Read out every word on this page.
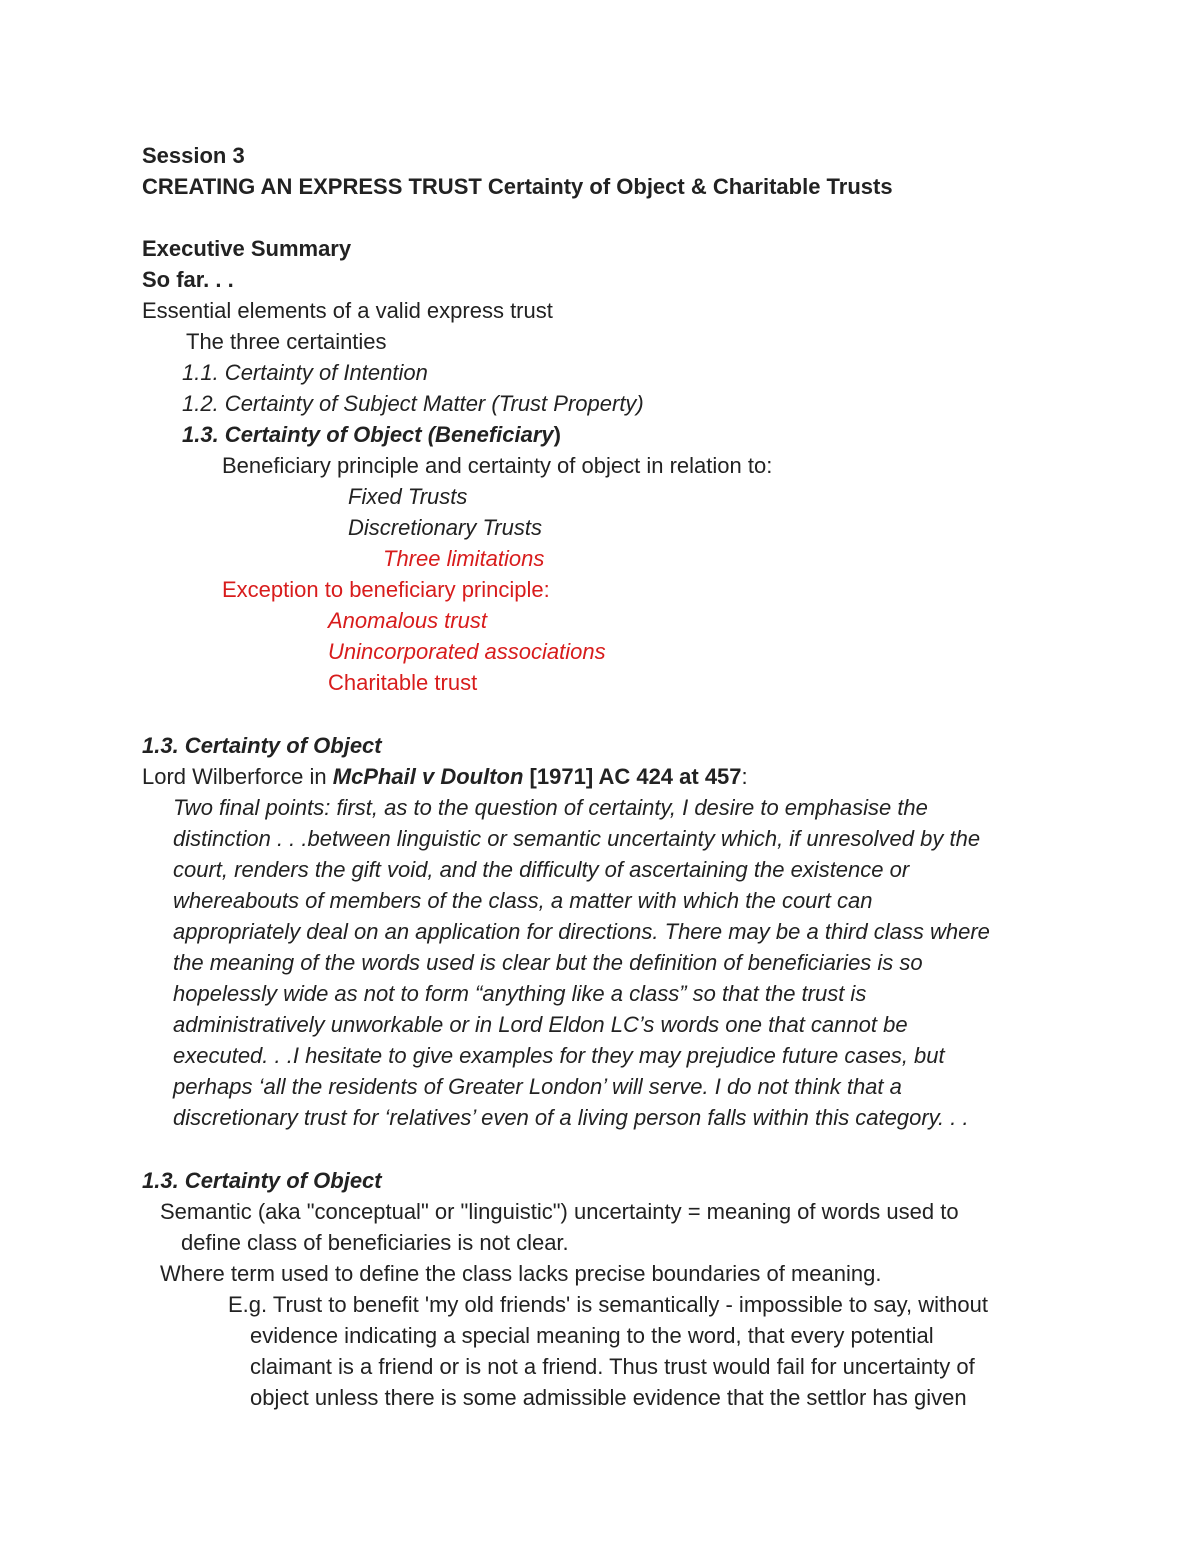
Session 3
CREATING AN EXPRESS TRUST Certainty of Object & Charitable Trusts
Executive Summary
So far. . .
Essential elements of a valid express trust
The three certainties
1.1. Certainty of Intention
1.2. Certainty of Subject Matter (Trust Property)
1.3. Certainty of Object (Beneficiary)
Beneficiary principle and certainty of object in relation to:
Fixed Trusts
Discretionary Trusts
Three limitations
Exception to beneficiary principle:
Anomalous trust
Unincorporated associations
Charitable trust
1.3. Certainty of Object
Lord Wilberforce in McPhail v Doulton [1971] AC 424 at 457:
Two final points: first, as to the question of certainty, I desire to emphasise the
distinction . . .between linguistic or semantic uncertainty which, if unresolved by the
court, renders the gift void, and the difficulty of ascertaining the existence or
whereabouts of members of the class, a matter with which the court can
appropriately deal on an application for directions. There may be a third class where
the meaning of the words used is clear but the definition of beneficiaries is so
hopelessly wide as not to form “anything like a class” so that the trust is
administratively unworkable or in Lord Eldon LC’s words one that cannot be
executed. . .I hesitate to give examples for they may prejudice future cases, but
perhaps ‘all the residents of Greater London’ will serve. I do not think that a
discretionary trust for ‘relatives’ even of a living person falls within this category. . .
1.3. Certainty of Object
Semantic (aka "conceptual" or "linguistic") uncertainty = meaning of words used to
define class of beneficiaries is not clear.
Where term used to define the class lacks precise boundaries of meaning.
E.g. Trust to benefit 'my old friends' is semantically - impossible to say, without
evidence indicating a special meaning to the word, that every potential
claimant is a friend or is not a friend. Thus trust would fail for uncertainty of
object unless there is some admissible evidence that the settlor has given
